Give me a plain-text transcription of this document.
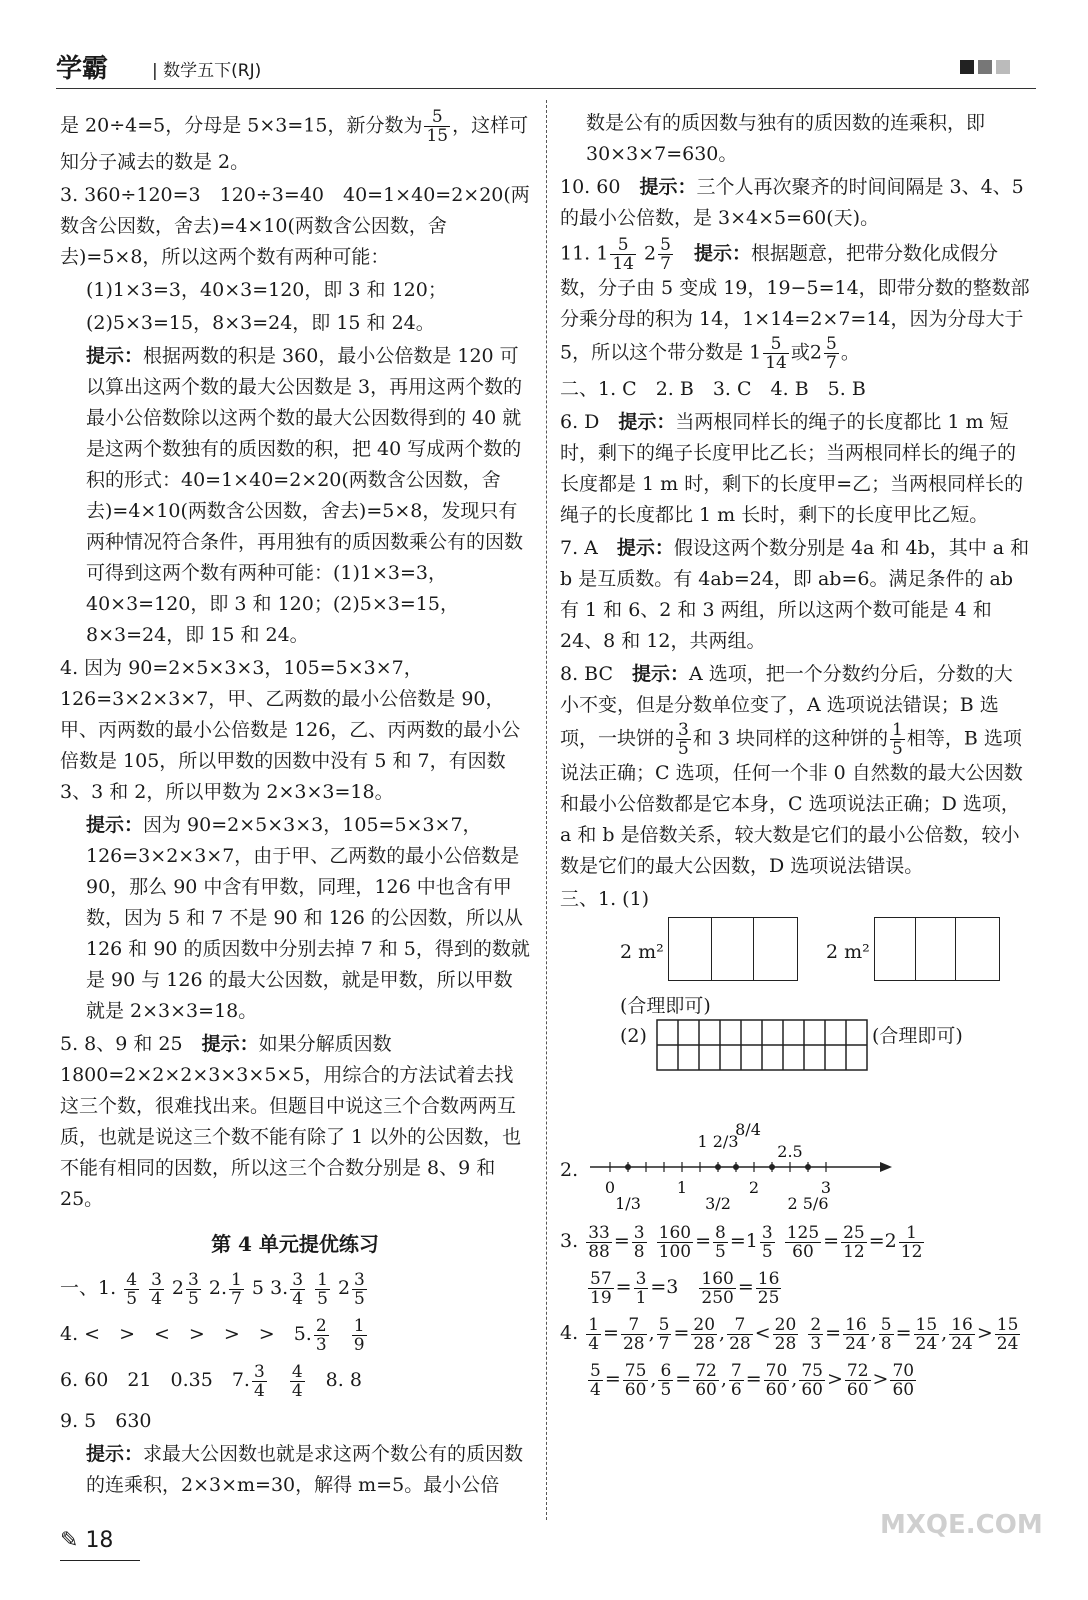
学霸	| 数学五下(RJ)

是 20÷4=5，分母是 5×3=15，新分数为 $\frac{5}{15}$ ，这样可

知分子减去的数是 2。

3. 360÷120=3　120÷3=40　40=1×40=2×20(两数含公因数，舍去)=4×10(两数含公因数，舍去)=5×8，所以这两个数有两种可能：

(1)1×3=3，40×3=120，即 3 和 120；

(2)5×3=15，8×3=24，即 15 和 24。

提示：根据两数的积是 360，最小公倍数是 120 可以算出这两个数的最大公因数是 3，再用这两个数的最小公倍数除以这两个数的最大公因数得到的 40 就是这两个数独有的质因数的积，把 40 写成两个数的积的形式：40=1×40=2×20(两数含公因数，舍去)=4×10(两数含公因数，舍去)=5×8，发现只有两种情况符合条件，再用独有的质因数乘公有的因数可得到这两个数有两种可能：(1)1×3=3，40×3=120，即 3 和 120；(2)5×3=15，8×3=24，即 15 和 24。

4. 因为 90=2×5×3×3，105=5×3×7，126=3×2×3×7，甲、乙两数的最小公倍数是 90，甲、丙两数的最小公倍数是 126，乙、丙两数的最小公倍数是 105，所以甲数的因数中没有 5 和 7，有因数 3、3 和 2，所以甲数为 2×3×3=18。

提示：因为 90=2×5×3×3，105=5×3×7，126=3×2×3×7，由于甲、乙两数的最小公倍数是 90，那么 90 中含有甲数，同理，126 中也含有甲数，因为 5 和 7 不是 90 和 126 的公因数，所以从 126 和 90 的质因数中分别去掉 7 和 5，得到的数就是 90 与 126 的最大公因数，就是甲数，所以甲数就是 2×3×3=18。

5. 8、9 和 25　提示：如果分解质因数 1800=2×2×2×3×3×5×5，用综合的方法试着去找这三个数，很难找出来。但题目中说这三个合数两两互质，也就是说这三个数不能有除了 1 以外的公因数，也不能有相同的因数，所以这三个合数分别是 8、9 和 25。

第 4 单元提优练习

一、1. $\frac{4}{5}$
$\frac{3}{4} 2 \frac{3}{5} 2$. $\frac{1}{7} 5$ 3. $\frac{3}{4}$
$\frac{1}{5} 2 \frac{3}{5}$

4. <　>　<　>　>　>　 5. $\frac{2}{3}$
　 $\frac{1}{9}$

6. 60　21　0.35　 7. $\frac{3}{4}$
　 $\frac{4}{4}$
　 8. 8

9. 5　630

提示：求最大公因数也就是求这两个数公有的质因数的连乘积，2×3×m=30，解得 m=5。最小公倍

数是公有的质因数与独有的质因数的连乘积，即 30×3×7=630。

10. 60　提示：三个人再次聚齐的时间间隔是 3、4、5 的最小公倍数，是 3×4×5=60(天)。

11. $1 \frac{5}{14} 2 \frac{5}{7}$
　 提示：根据题意，把带分数化成假分数，分子由 5 变成 19，19−5=14，即带分数的整数部分乘分母的积为 14，1×14=2×7=14，因为分母大于 5，所以这个带分数是 $1 \frac{5}{14}$ 或$2 \frac{5}{7}$ 。

二、1. C　2. B　3. C　4. B　5. B

6. D　提示：当两根同样长的绳子的长度都比 1 m 短时，剩下的绳子长度甲比乙长；当两根同样长的绳子的长度都是 1 m 时，剩下的长度甲=乙；当两根同样长的绳子的长度都比 1 m 长时，剩下的长度甲比乙短。

7. A　提示：假设这两个数分别是 4a 和 4b，其中 a 和 b 是互质数。有 4ab=24，即 ab=6。满足条件的 ab 有 1 和 6、2 和 3 两组，所以这两个数可能是 4 和 24、8 和 12，共两组。

8. BC　提示：A 选项，把一个分数约分后，分数的大小不变，但是分数单位变了，A 选项说法错误；B 选项，一块饼的 $\frac{3}{5}$ 和 3 块同样的这种饼的 $\frac{1}{5}$ 相等，B 选项说法正确；C 选项，任何一个非 0 自然数的最大公因数和最小公倍数都是它本身，C 选项说法正确；D 选项，a 和 b 是倍数关系，较大数是它们的最小公倍数，较小数是它们的最大公因数，D 选项说法错误。

三、1. (1)

2 m²	2 m²
(合理即可)
(2)	(合理即可)
2.
1 2/3
8/4
2.5
0	1	2	3
1/3	3/2	2 5/6

3. $\frac{33}{88} = \frac{3}{8}$
$\frac{160}{100} = \frac{8}{5} =1 \frac{3}{5}$
$\frac{125}{60} = \frac{25}{12} =2 \frac{1}{12}$

$\frac{57}{19} = \frac{3}{1} =3$　 $\frac{160}{250} = \frac{16}{25}$

4. $\frac{1}{4} = \frac{7}{28}$ , $\frac{5}{7} = \frac{20}{28}$ , $\frac{7}{28} < \frac{20}{28}$
$\frac{2}{3} = \frac{16}{24}$ , $\frac{5}{8} = \frac{15}{24}$ , $\frac{16}{24} > \frac{15}{24}$

$\frac{5}{4} = \frac{75}{60}$ , $\frac{6}{5} = \frac{72}{60}$ , $\frac{7}{6} = \frac{70}{60}$ , $\frac{75}{60} > \frac{72}{60} > \frac{70}{60}$

✎ 18
MXQE.COM
